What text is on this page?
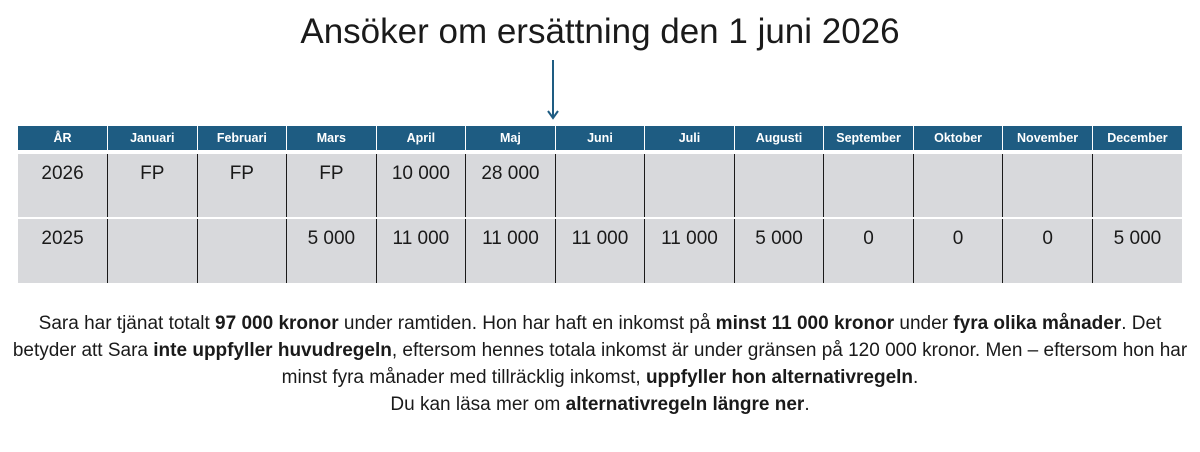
Ansöker om ersättning den 1 juni 2026
ÅR	Januari	Februari	Mars	April	Maj	Juni	Juli	Augusti	September	Oktober	November	December
2026	FP	FP	FP	10 000	28 000							
2025			5 000	11 000	11 000	11 000	11 000	5 000	0	0	0	5 000
Sara har tjänat totalt 97 000 kronor under ramtiden. Hon har haft en inkomst på minst 11 000 kronor under fyra olika månader. Det betyder att Sara inte uppfyller huvudregeln, eftersom hennes totala inkomst är under gränsen på 120 000 kronor. Men – eftersom hon har minst fyra månader med tillräcklig inkomst, uppfyller hon alternativregeln.
Du kan läsa mer om alternativregeln längre ner.
